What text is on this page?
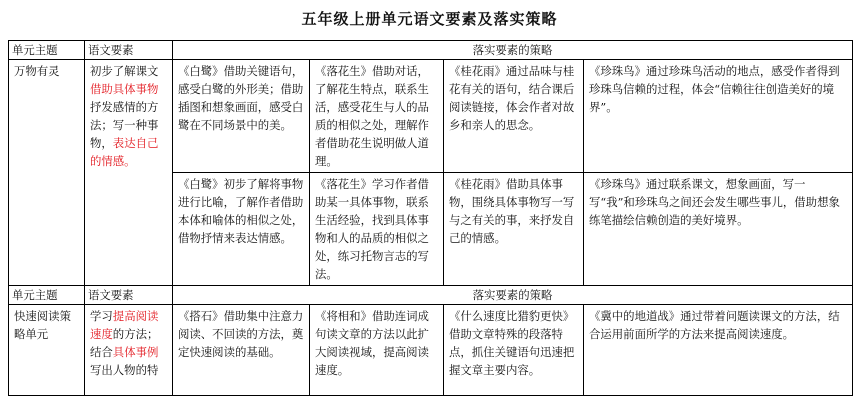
五年级上册单元语文要素及落实策略
单元主题	语文要素	落实要素的策略			
万物有灵	初步了解课文借助具体事物抒发感情的方法；写一种事物，表达自己的情感。	《白鹭》借助关键语句，感受白鹭的外形美；借助插图和想象画面，感受白鹭在不同场景中的美。	《落花生》借助对话，了解花生特点，联系生活，感受花生与人的品质的相似之处，理解作者借助花生说明做人道理。	《桂花雨》通过品味与桂花有关的语句，结合课后阅读链接，体会作者对故乡和亲人的思念。	《珍珠鸟》通过珍珠鸟活动的地点，感受作者得到珍珠鸟信赖的过程，体会“信赖往往创造美好的境界”。
		《白鹭》初步了解将事物进行比喻，了解作者借助本体和喻体的相似之处，借物抒情来表达情感。	《落花生》学习作者借助某一具体事物，联系生活经验，找到具体事物和人的品质的相似之处，练习托物言志的写法。	《桂花雨》借助具体事物，围绕具体事物写一写与之有关的事，来抒发自己的情感。	《珍珠鸟》通过联系课文，想象画面，写一写“我”和珍珠鸟之间还会发生哪些事儿，借助想象练笔描绘信赖创造的美好境界。
单元主题	语文要素	落实要素的策略			
快速阅读策略单元	学习提高阅读速度的方法；结合具体事例写出人物的特	《搭石》借助集中注意力阅读、不回读的方法，奠定快速阅读的基础。	《将相和》借助连词成句读文章的方法以此扩大阅读视域，提高阅读速度。	《什么速度比猎豹更快》借助文章特殊的段落特点，抓住关键语句迅速把握文章主要内容。	《冀中的地道战》通过带着问题读课文的方法，结合运用前面所学的方法来提高阅读速度。
